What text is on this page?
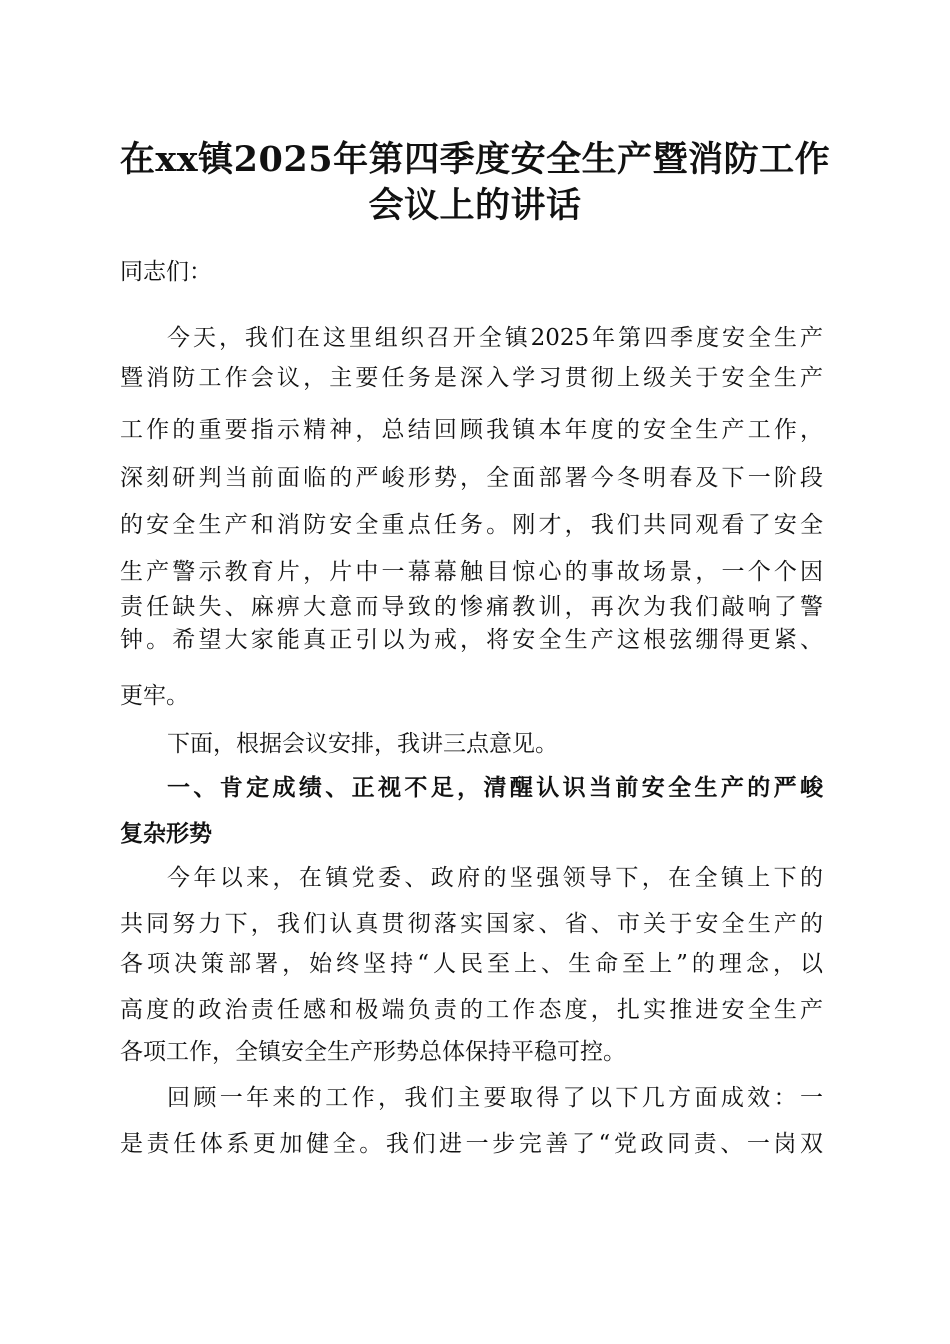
在xx镇2025年第四季度安全生产暨消防工作
会议上的讲话
同志们：
今天，我们在这里组织召开全镇2025年第四季度安全生产
暨消防工作会议，主要任务是深入学习贯彻上级关于安全生产
工作的重要指示精神，总结回顾我镇本年度的安全生产工作，
深刻研判当前面临的严峻形势，全面部署今冬明春及下一阶段
的安全生产和消防安全重点任务。刚才，我们共同观看了安全
生产警示教育片，片中一幕幕触目惊心的事故场景，一个个因
责任缺失、麻痹大意而导致的惨痛教训，再次为我们敲响了警
钟。希望大家能真正引以为戒，将安全生产这根弦绷得更紧、
更牢。
下面，根据会议安排，我讲三点意见。
一、肯定成绩、正视不足，清醒认识当前安全生产的严峻
复杂形势
今年以来，在镇党委、政府的坚强领导下，在全镇上下的
共同努力下，我们认真贯彻落实国家、省、市关于安全生产的
各项决策部署，始终坚持“人民至上、生命至上”的理念，以
高度的政治责任感和极端负责的工作态度，扎实推进安全生产
各项工作，全镇安全生产形势总体保持平稳可控。
回顾一年来的工作，我们主要取得了以下几方面成效：一
是责任体系更加健全。我们进一步完善了“党政同责、一岗双
